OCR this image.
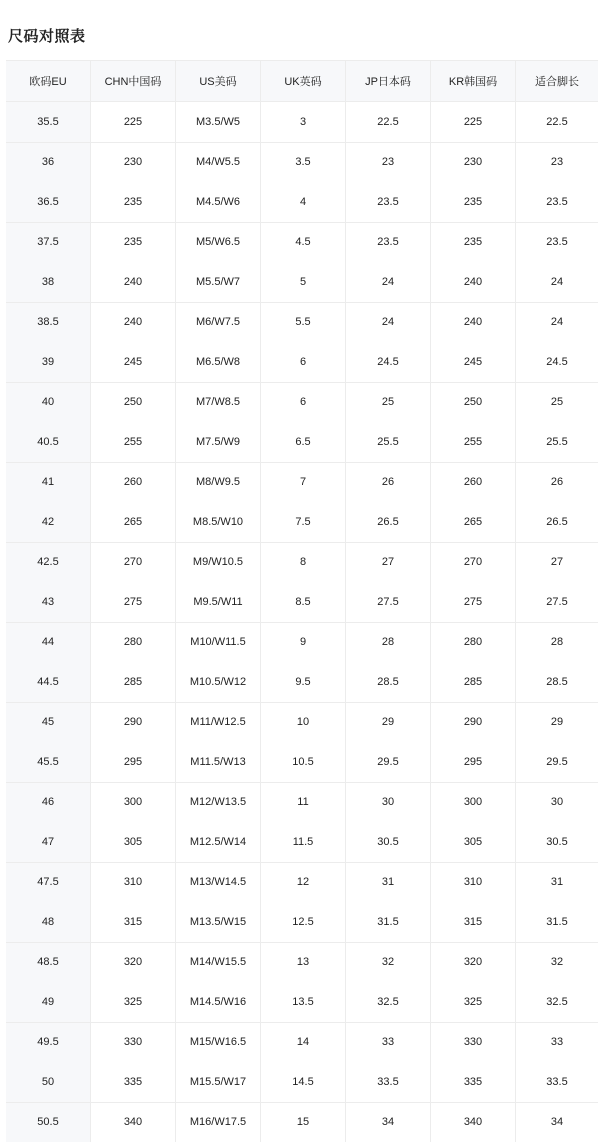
尺码对照表
欧码EU	CHN中国码	US美码	UK英码	JP日本码	KR韩国码	适合脚长
35.5	225	M3.5/W5	3	22.5	225	22.5
36	230	M4/W5.5	3.5	23	230	23
36.5	235	M4.5/W6	4	23.5	235	23.5
37.5	235	M5/W6.5	4.5	23.5	235	23.5
38	240	M5.5/W7	5	24	240	24
38.5	240	M6/W7.5	5.5	24	240	24
39	245	M6.5/W8	6	24.5	245	24.5
40	250	M7/W8.5	6	25	250	25
40.5	255	M7.5/W9	6.5	25.5	255	25.5
41	260	M8/W9.5	7	26	260	26
42	265	M8.5/W10	7.5	26.5	265	26.5
42.5	270	M9/W10.5	8	27	270	27
43	275	M9.5/W11	8.5	27.5	275	27.5
44	280	M10/W11.5	9	28	280	28
44.5	285	M10.5/W12	9.5	28.5	285	28.5
45	290	M11/W12.5	10	29	290	29
45.5	295	M11.5/W13	10.5	29.5	295	29.5
46	300	M12/W13.5	11	30	300	30
47	305	M12.5/W14	11.5	30.5	305	30.5
47.5	310	M13/W14.5	12	31	310	31
48	315	M13.5/W15	12.5	31.5	315	31.5
48.5	320	M14/W15.5	13	32	320	32
49	325	M14.5/W16	13.5	32.5	325	32.5
49.5	330	M15/W16.5	14	33	330	33
50	335	M15.5/W17	14.5	33.5	335	33.5
50.5	340	M16/W17.5	15	34	340	34
